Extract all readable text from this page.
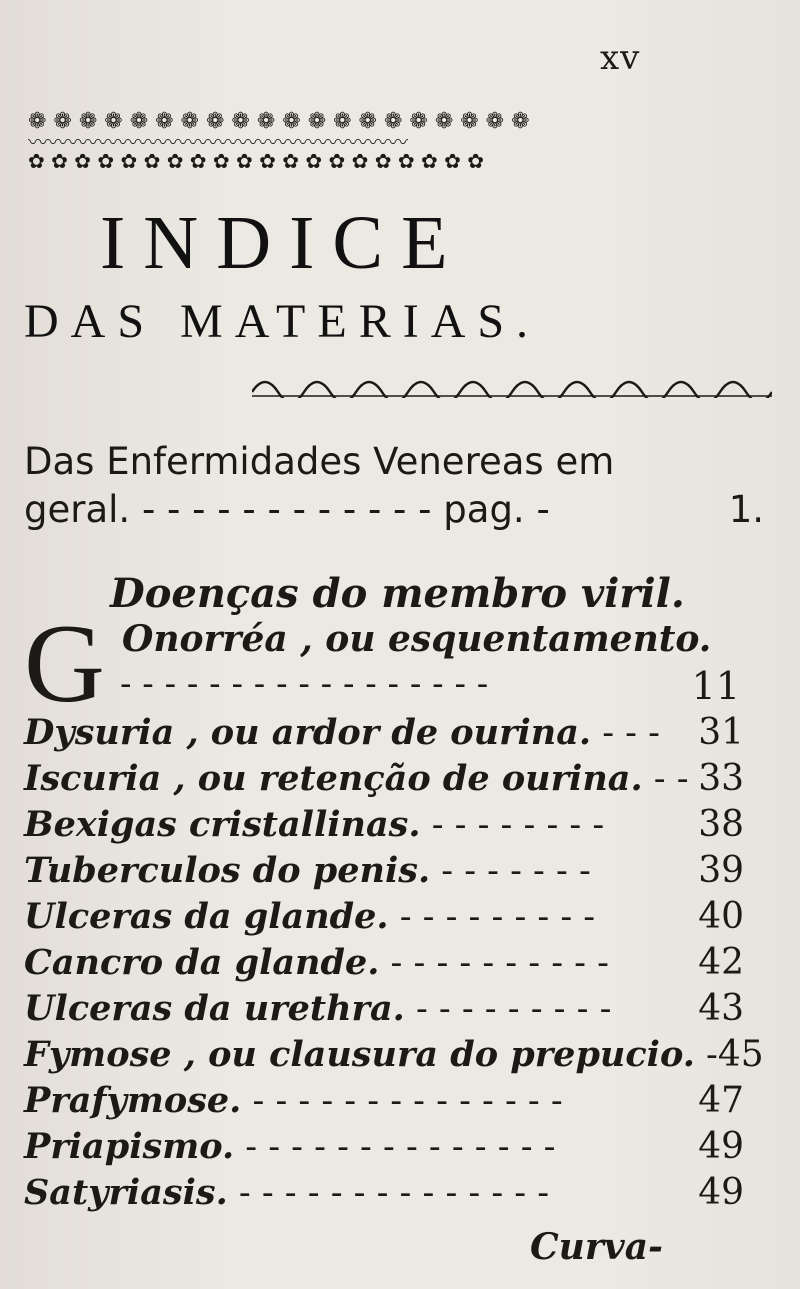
xv
❁ ❁ ❁ ❁ ❁ ❁ ❁ ❁ ❁ ❁ ❁ ❁ ❁ ❁ ❁ ❁ ❁ ❁ ❁ ❁
〰〰〰〰〰〰〰〰〰〰〰〰〰〰〰〰〰〰〰
✿ ✿ ✿ ✿ ✿ ✿ ✿ ✿ ✿ ✿ ✿ ✿ ✿ ✿ ✿ ✿ ✿ ✿ ✿ ✿
INDICE
DAS MATERIAS.
Das Enfermidades Venereas em
geral. - - - - - - - - - - - - pag. -	1.
Doenças do membro viril.
G Onorréa , ou esquentamento.
- - - - - - - - - - - - - - - - -	11
Dysuria , ou ardor de ourina. - - - 31
Iscuria , ou retenção de ourina. - - 33
Bexigas cristallinas. - - - - - - - -	38
Tuberculos do penis. - - - - - - -	39
Ulceras da glande. - - - - - - - - -	40
Cancro da glande. - - - - - - - - - - 42
Ulceras da urethra. - - - - - - - - - 43
Fymose , ou clausura do prepucio. - 45
Prafymose. - - - - - - - - - - - - - -	47
Priapismo. - - - - - - - - - - - - - -	49
Satyriasis. - - - - - - - - - - - - - -	49
Curva-
